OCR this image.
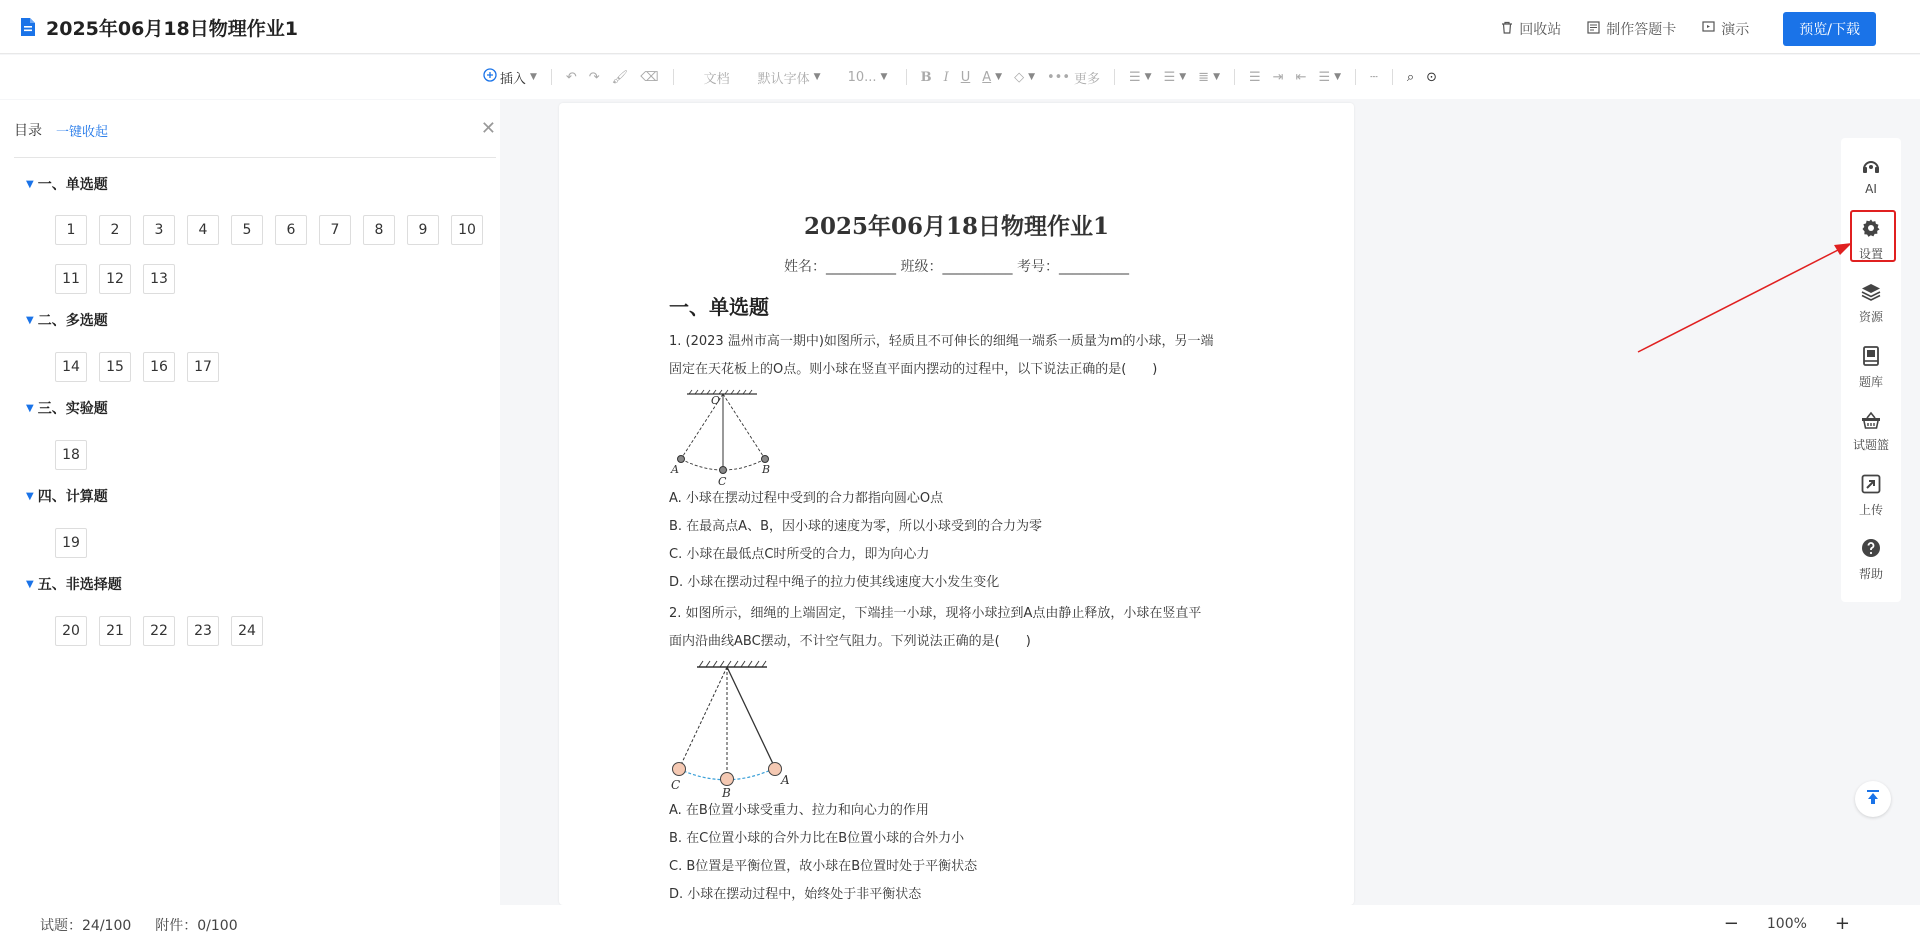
2025年06月18日物理作业1	回收站	制作答题卡	演示	预览/下载
插入 ▼ ↶ ↷ 🖌 ⌫	文档 默认字体 ▼ 10... ▼	B I U A ▼ ◇ ▼ ••• 更多 ☰ ▼ ☰ ▼ ≣ ▼ ☰ ⇥ ⇤ ☰ ▼ ┄ ⌕ ⊙
目录 一键收起	✕
▼ 一、单选题
1	2	3	4	5	6	7	8	9	10
11	12	13
▼ 二、多选题
14	15	16	17
▼ 三、实验题
18
▼ 四、计算题
19
▼ 五、非选择题
20	21	22	23	24
2025年06月18日物理作业1
姓名：__________ 班级：__________ 考号：__________
一、单选题
1. (2023 温州市高一期中)如图所示，轻质且不可伸长的细绳一端系一质量为m的小球，另一端
固定在天花板上的O点。则小球在竖直平面内摆动的过程中，以下说法正确的是(　　)
O
A	B
C
A. 小球在摆动过程中受到的合力都指向圆心O点
B. 在最高点A、B，因小球的速度为零，所以小球受到的合力为零
C. 小球在最低点C时所受的合力，即为向心力
D. 小球在摆动过程中绳子的拉力使其线速度大小发生变化
2. 如图所示，细绳的上端固定，下端挂一小球，现将小球拉到A点由静止释放，小球在竖直平
面内沿曲线ABC摆动，不计空气阻力。下列说法正确的是(　　)
C
B
A
A. 在B位置小球受重力、拉力和向心力的作用
B. 在C位置小球的合外力比在B位置小球的合外力小
C. B位置是平衡位置，故小球在B位置时处于平衡状态
D. 小球在摆动过程中，始终处于非平衡状态
AI
设置
资源
题库
试题篮
上传
帮助
试题：24/100 附件：0/100	− 100% +
